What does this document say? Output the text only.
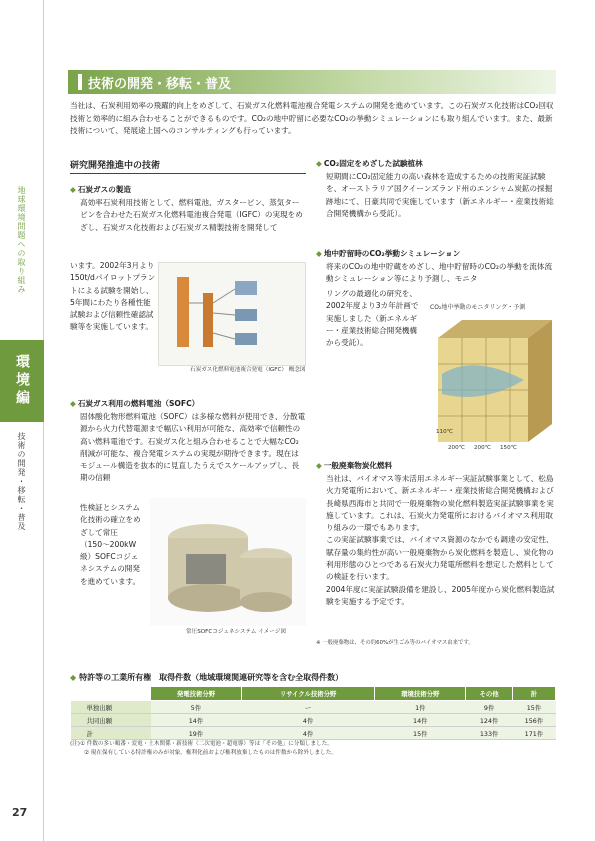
地球環境問題への取り組み
環境編
技術の開発・移転・普及
27
技術の開発・移転・普及
当社は、石炭利用効率の飛躍的向上をめざして、石炭ガス化燃料電池複合発電システムの開発を進めています。この石炭ガス化技術はCO₂回収技術と効率的に組み合わせることができるものです。CO₂の地中貯留に必要なCO₂の挙動シミュレーションにも取り組んでいます。また、最新技術について、発展途上国へのコンサルティングも行っています。
研究開発推進中の技術
◆ 石炭ガスの製造
高効率石炭利用技術として、燃料電池、ガスタービン、蒸気タービンを合わせた石炭ガス化燃料電池複合発電（IGFC）の実現をめざし、石炭ガス化技術および石炭ガス精製技術を開発して
います。2002年3月より150t/dパイロットプラントによる試験を開始し、5年間にわたり各種性能試験および信頼性確認試験等を実施しています。
石炭ガス化燃料電池複合発電（IGFC） 概念図
◆ 石炭ガス利用の燃料電池（SOFC）
固体酸化物形燃料電池（SOFC）は多様な燃料が使用でき、分散電源から火力代替電源まで幅広い利用が可能な、高効率で信頼性の高い燃料電池です。石炭ガス化と組み合わせることで大幅なCO₂削減が可能な、複合発電システムの実現が期待できます。現在はモジュール構造を抜本的に見直したうえでスケールアップし、長期の信頼
性検証とシステム化技術の確立をめざして常圧（150〜200kW級）SOFCコジェネシステムの開発を進めています。
常圧SOFCコジェネシステム イメージ図
◆ CO₂固定をめざした試験植林
短期間にCO₂固定能力の高い森林を造成するための技術実証試験を、オーストラリア国クイーンズランド州のエンシャム炭鉱の採掘跡地にて、日豪共同で実施しています（新エネルギー・産業技術総合開発機構から受託）。
◆ 地中貯留時のCO₂挙動シミュレーション
将来のCO₂の地中貯蔵をめざし、地中貯留時のCO₂の挙動を流体流動シミュレーション等により予測し、モニタ
リングの最適化の研究を、2002年度より3カ年計画で実施しました（新エネルギー・産業技術総合開発機構から受託）。
CO₂地中挙動のモニタリング・予測
110℃
200℃ 200℃ 150℃
◆ 一般廃棄物炭化燃料
当社は、バイオマス等未活用エネルギー実証試験事業として、松島火力発電所において、新エネルギー・産業技術総合開発機構および長崎県西海市と共同で一般廃棄物の炭化燃料製造実証試験事業を実施しています。これは、石炭火力発電所におけるバイオマス利用取り組みの一環でもあります。
この実証試験事業では、バイオマス資源のなかでも調達の安定性、賦存量の集約性が高い一般廃棄物から炭化燃料を製造し、炭化物の利用形態のひとつである石炭火力発電所燃料を想定した燃料としての検証を行います。
2004年度に実証試験設備を建設し、2005年度から炭化燃料製造試験を実施する予定です。
※ 一般廃棄物は、その約60%が生ごみ等のバイオマス由来です。
◆ 特許等の工業所有権　取得件数（地域環境関連研究等を含む全取得件数）
	発電技術分野	リサイクル技術分野	環境技術分野	その他	計
単独出願	5件	ー	1件	9件	15件
共同出願	14件	4件	14件	124件	156件
計	19件	4件	15件	133件	171件
(注)① 件数の多い順番・変電・土木関係・新技術（二次電池・超電導）等は「その他」に分類しました。
② 現在保有している特許権のみが対象。権利化前および権利放棄したものは件数から除外しました。
